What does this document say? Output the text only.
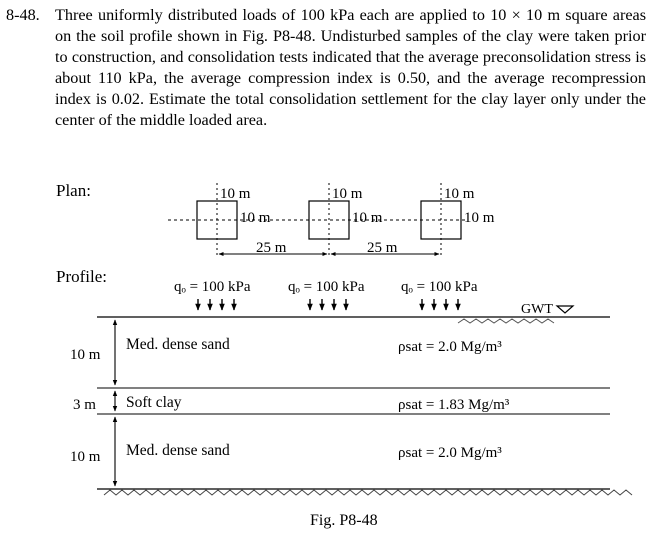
8-48. Three uniformly distributed loads of 100 kPa each are applied to 10 × 10 m square areas on the soil profile shown in Fig. P8-48. Undisturbed samples of the clay were taken prior to construction, and consolidation tests indicated that the average preconsolidation stress is about 110 kPa, the average compression index is 0.50, and the average recompression index is 0.02. Estimate the total consolidation settlement for the clay layer only under the center of the middle loaded area.
Plan:	10 m
10 m
10 m
10 m
10 m
10 m
25 m	25 m
Profile:
qₒ = 100 kPa qₒ = 100 kPa qₒ = 100 kPa
GWT
10 m
Med. dense sand	ρsat = 2.0 Mg/m³
3 m Soft clay	ρsat = 1.83 Mg/m³
10 m Med. dense sand	ρsat = 2.0 Mg/m³
Fig. P8-48
